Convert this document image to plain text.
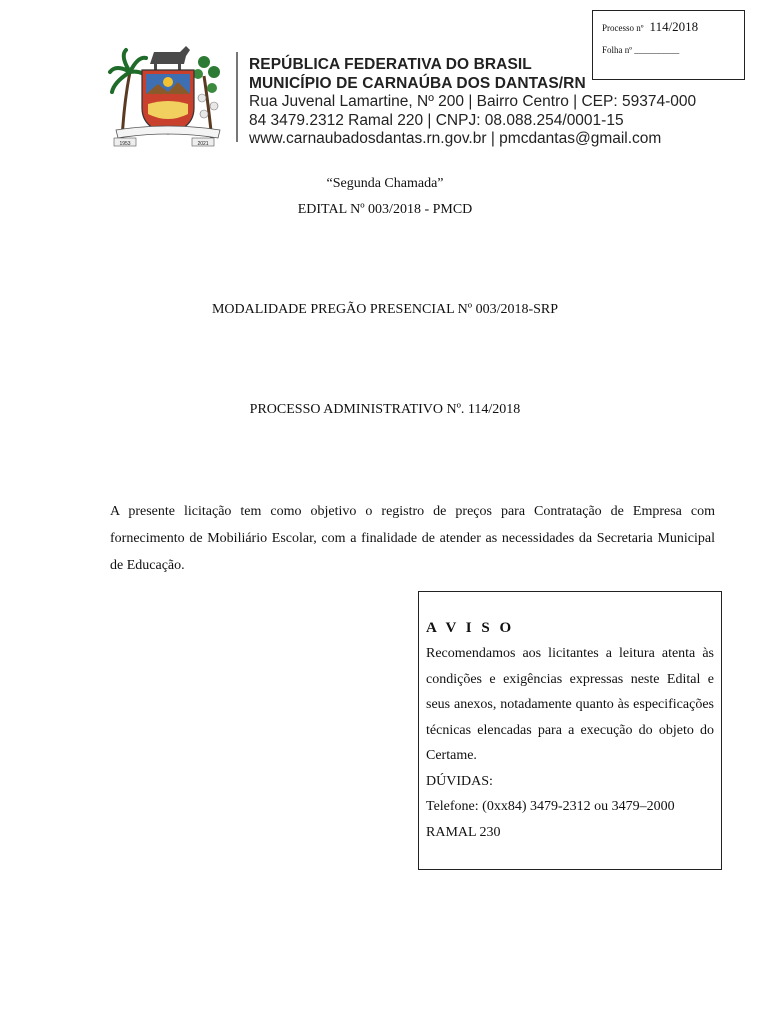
Processo nº 114/2018
Folha nº __________
1953	2021
REPÚBLICA FEDERATIVA DO BRASIL
MUNICÍPIO DE CARNAÚBA DOS DANTAS/RN
Rua Juvenal Lamartine, Nº 200 | Bairro Centro | CEP: 59374-000
84 3479.2312 Ramal 220 | CNPJ: 08.088.254/0001-15
www.carnaubadosdantas.rn.gov.br | pmcdantas@gmail.com
“Segunda Chamada”
EDITAL Nº 003/2018 - PMCD
MODALIDADE PREGÃO PRESENCIAL Nº 003/2018-SRP
PROCESSO ADMINISTRATIVO Nº. 114/2018
A presente licitação tem como objetivo o registro de preços para Contratação de Empresa com fornecimento de Mobiliário Escolar, com a finalidade de atender as necessidades da Secretaria Municipal de Educação.
A V I S O
Recomendamos aos licitantes a leitura atenta às condições e exigências expressas neste Edital e seus anexos, notadamente quanto às especificações técnicas elencadas para a execução do objeto do Certame.
DÚVIDAS:
Telefone: (0xx84) 3479-2312 ou 3479–2000
RAMAL 230
